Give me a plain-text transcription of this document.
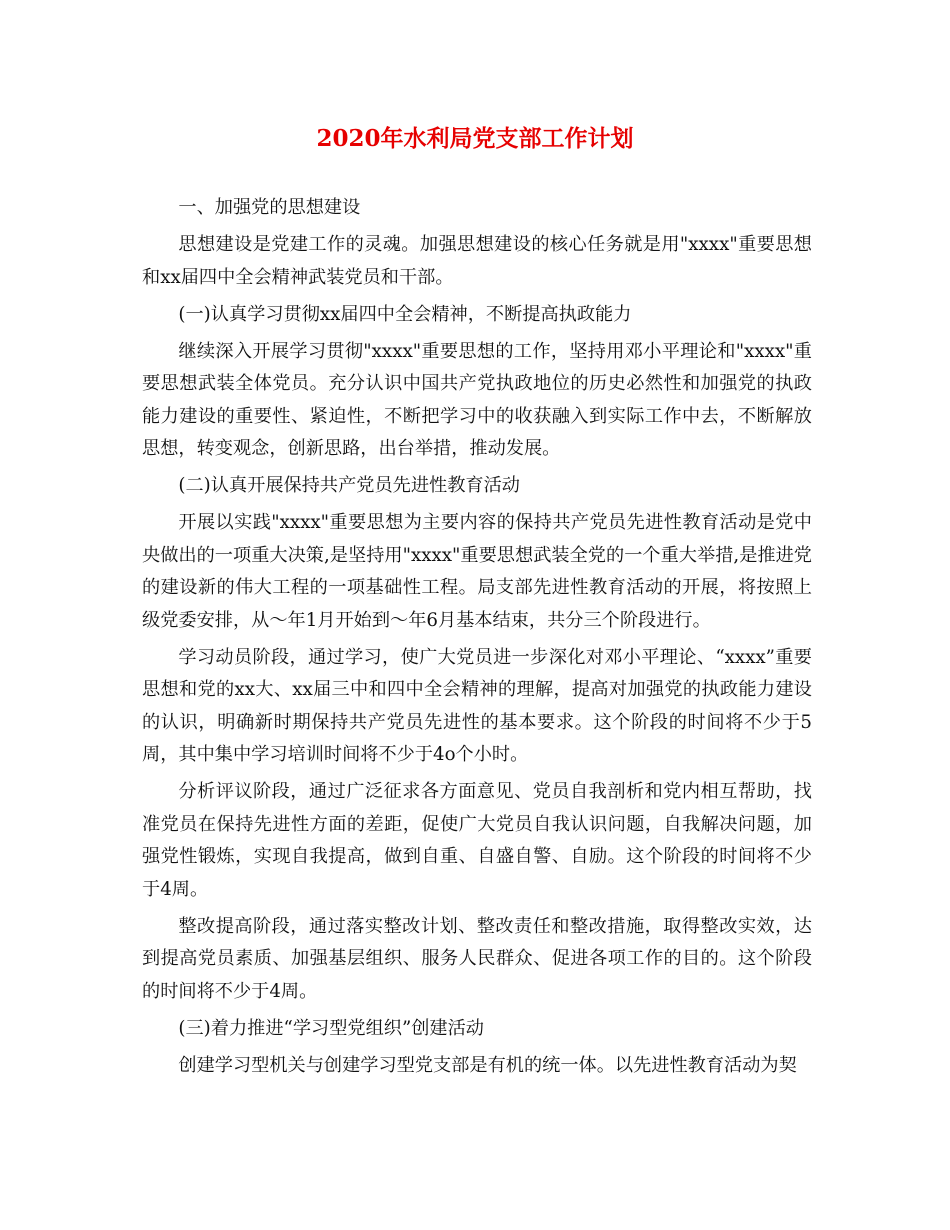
2020年水利局党支部工作计划

一、加强党的思想建设

思想建设是党建工作的灵魂。加强思想建设的核心任务就是用"xxxx"重要思想和xx届四中全会精神武装党员和干部。

(一)认真学习贯彻xx届四中全会精神，不断提高执政能力

继续深入开展学习贯彻"xxxx"重要思想的工作，坚持用邓小平理论和"xxxx"重要思想武装全体党员。充分认识中国共产党执政地位的历史必然性和加强党的执政能力建设的重要性、紧迫性，不断把学习中的收获融入到实际工作中去，不断解放思想，转变观念，创新思路，出台举措，推动发展。

(二)认真开展保持共产党员先进性教育活动

开展以实践"xxxx"重要思想为主要内容的保持共产党员先进性教育活动是党中央做出的一项重大决策,是坚持用"xxxx"重要思想武装全党的一个重大举措,是推进党的建设新的伟大工程的一项基础性工程。局支部先进性教育活动的开展，将按照上级党委安排，从～年1月开始到～年6月基本结束，共分三个阶段进行。

学习动员阶段，通过学习，使广大党员进一步深化对邓小平理论、“xxxx”重要思想和党的xx大、xx届三中和四中全会精神的理解，提高对加强党的执政能力建设的认识，明确新时期保持共产党员先进性的基本要求。这个阶段的时间将不少于5周，其中集中学习培训时间将不少于4o个小时。

分析评议阶段，通过广泛征求各方面意见、党员自我剖析和党内相互帮助，找准党员在保持先进性方面的差距，促使广大党员自我认识问题，自我解决问题，加强党性锻炼，实现自我提高，做到自重、自盛自警、自励。这个阶段的时间将不少于4周。

整改提高阶段，通过落实整改计划、整改责任和整改措施，取得整改实效，达到提高党员素质、加强基层组织、服务人民群众、促进各项工作的目的。这个阶段的时间将不少于4周。

(三)着力推进“学习型党组织”创建活动

创建学习型机关与创建学习型党支部是有机的统一体。以先进性教育活动为契
